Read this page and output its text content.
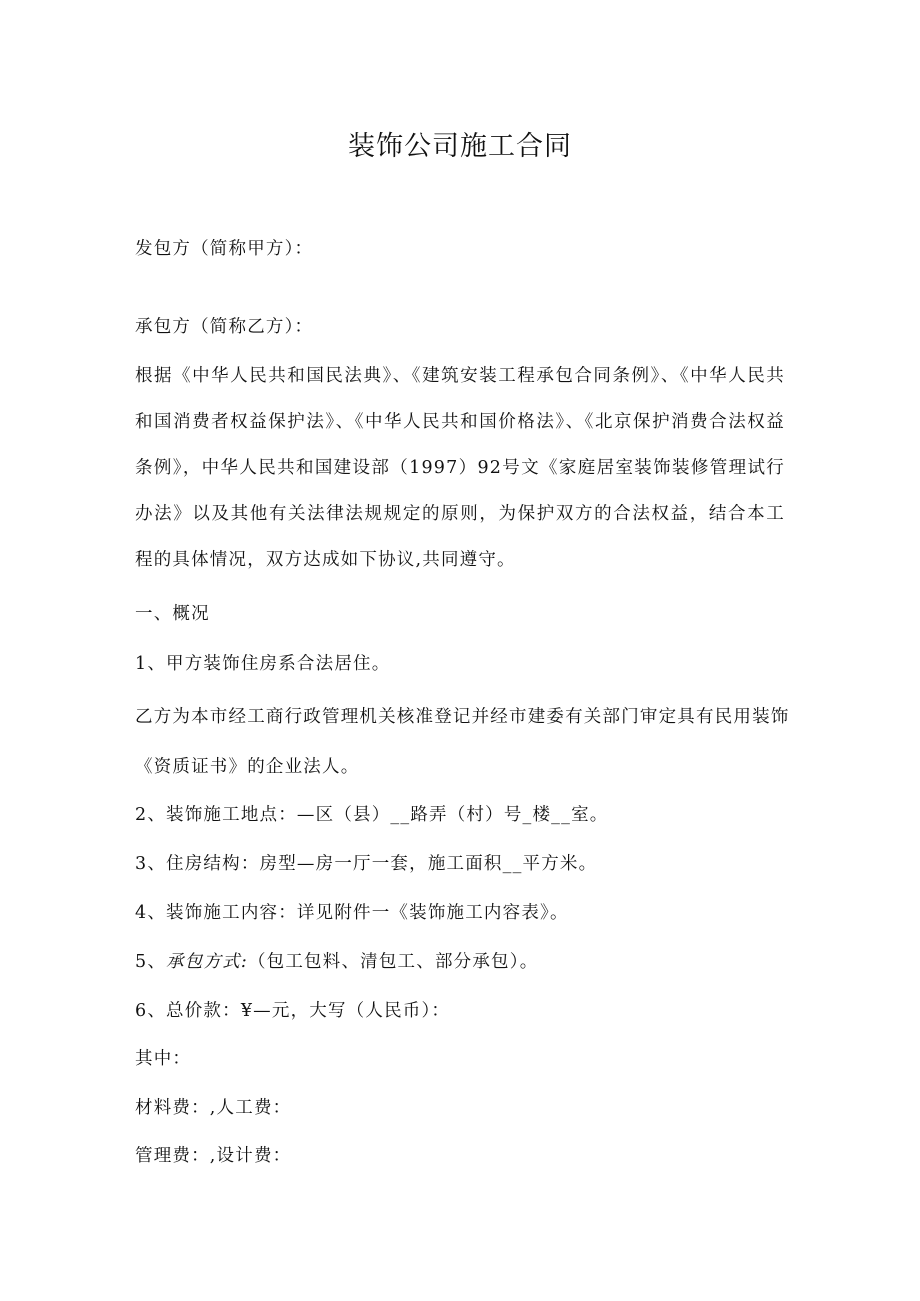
装饰公司施工合同
发包方（简称甲方）：
承包方（简称乙方）：
根据《中华人民共和国民法典》、《建筑安装工程承包合同条例》、《中华人民共和国消费者权益保护法》、《中华人民共和国价格法》、《北京保护消费合法权益条例》，中华人民共和国建设部（1997）92号文《家庭居室装饰装修管理试行办法》以及其他有关法律法规规定的原则，为保护双方的合法权益，结合本工程的具体情况，双方达成如下协议,共同遵守。
一、概况
1、甲方装饰住房系合法居住。
乙方为本市经工商行政管理机关核准登记并经市建委有关部门审定具有民用装饰
《资质证书》的企业法人。
2、装饰施工地点：—区（县）__路弄（村）号_楼__室。
3、住房结构：房型—房一厅一套，施工面积__平方米。
4、装饰施工内容：详见附件一《装饰施工内容表》。
5、承包方式:（包工包料、清包工、部分承包）。
6、总价款：¥—元，大写（人民币）：
其中：
材料费：,人工费：
管理费：,设计费：
